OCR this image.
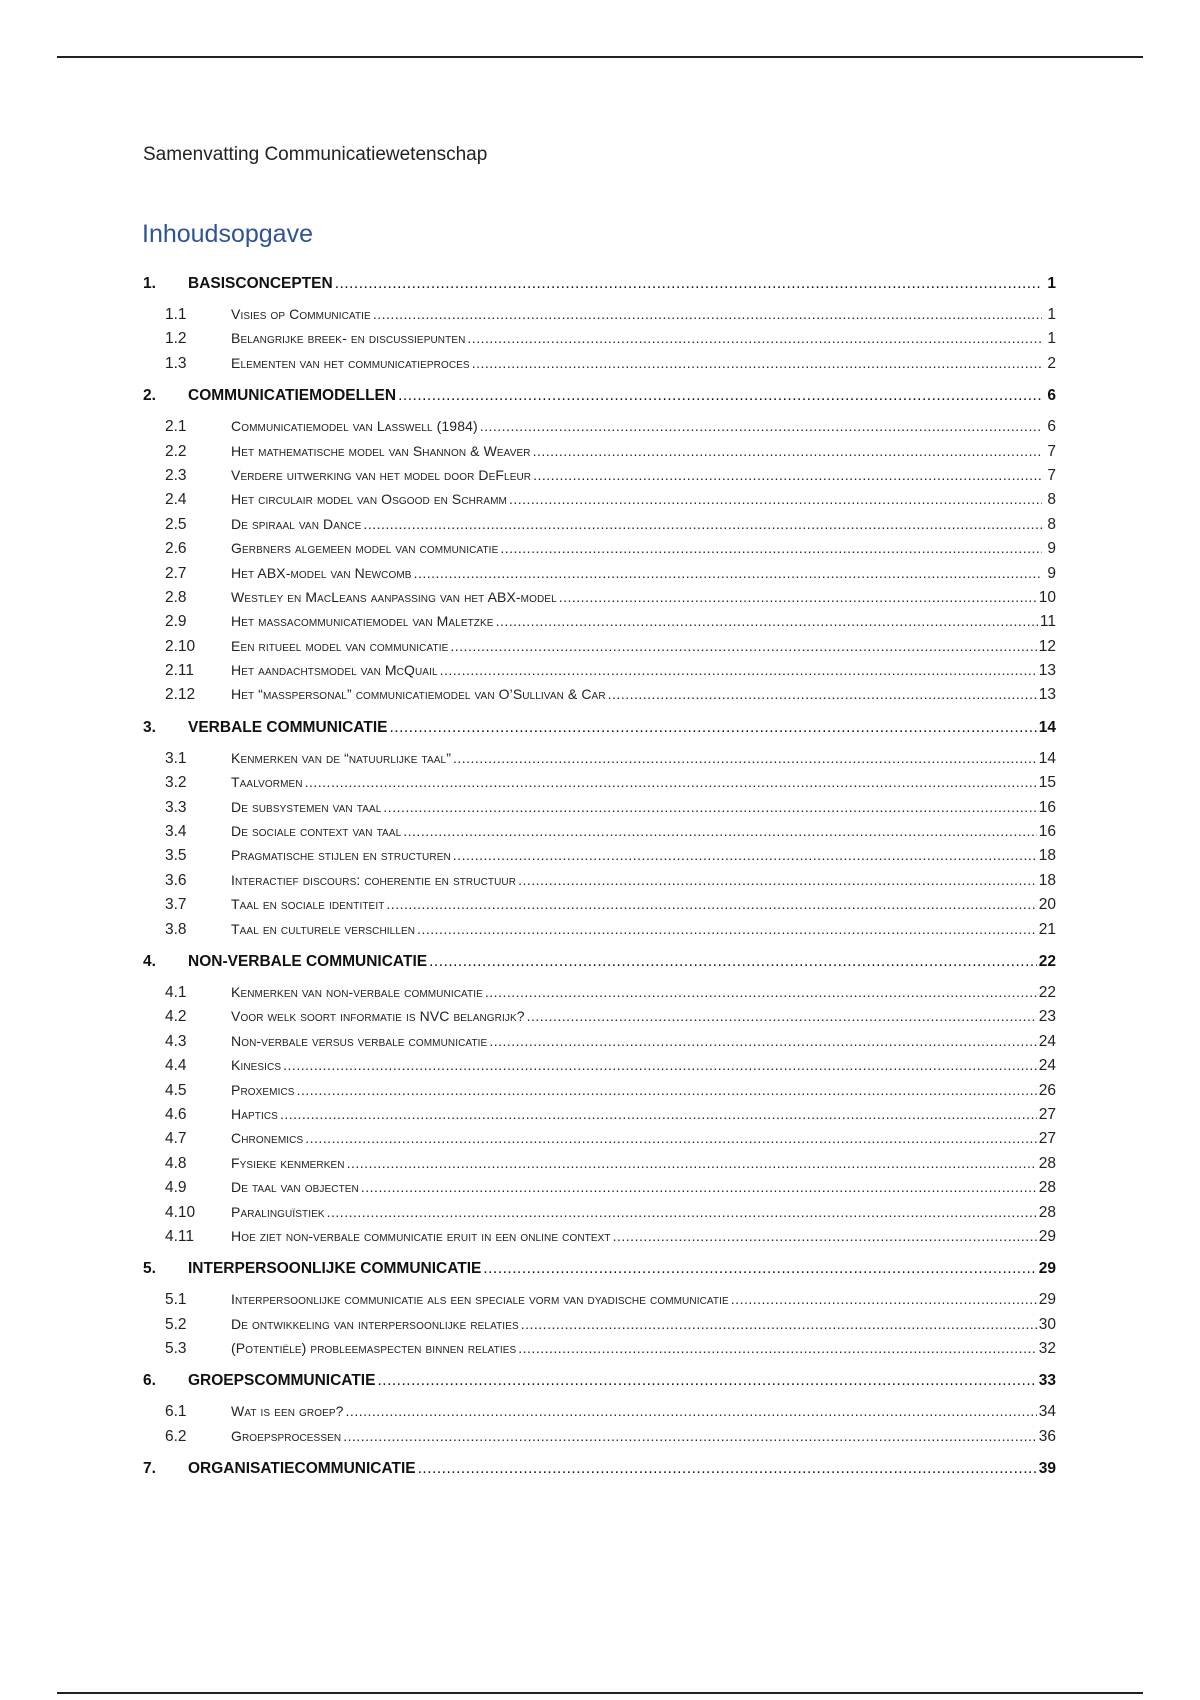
Samenvatting Communicatiewetenschap
Inhoudsopgave
1.	BASISCONCEPTEN .....	1
1.1	Visies op Communicatie .....	1
1.2	Belangrijke breek- en discussiepunten .....	1
1.3	Elementen van het communicatieproces .....	2
2.	COMMUNICATIEMODELLEN .....	6
2.1	Communicatiemodel van Lasswell (1984) .....	6
2.2	Het mathematische model van Shannon & Weaver .....	7
2.3	Verdere uitwerking van het model door DeFleur .....	7
2.4	Het circulair model van Osgood en Schramm .....	8
2.5	De spiraal van Dance .....	8
2.6	Gerbners algemeen model van communicatie .....	9
2.7	Het ABX-model van Newcomb .....	9
2.8	Westley en MacLeans aanpassing van het ABX-model .....	10
2.9	Het massacommunicatiemodel van Maletzke .....	11
2.10	Een ritueel model van communicatie .....	12
2.11	Het aandachtsmodel van McQuail .....	13
2.12	Het “masspersonal” communicatiemodel van O’Sullivan & Car .....	13
3.	VERBALE COMMUNICATIE .....	14
3.1	Kenmerken van de “natuurlijke taal” .....	14
3.2	Taalvormen .....	15
3.3	De subsystemen van taal .....	16
3.4	De sociale context van taal .....	16
3.5	Pragmatische stijlen en structuren .....	18
3.6	Interactief discours: coherentie en structuur .....	18
3.7	Taal en sociale identiteit .....	20
3.8	Taal en culturele verschillen .....	21
4.	NON-VERBALE COMMUNICATIE .....	22
4.1	Kenmerken van non-verbale communicatie .....	22
4.2	Voor welk soort informatie is NVC belangrijk? .....	23
4.3	Non-verbale versus verbale communicatie .....	24
4.4	Kinesics .....	24
4.5	Proxemics .....	26
4.6	Haptics .....	27
4.7	Chronemics .....	27
4.8	Fysieke kenmerken .....	28
4.9	De taal van objecten .....	28
4.10	Paralinguïstiek .....	28
4.11	Hoe ziet non-verbale communicatie eruit in een online context .....	29
5.	INTERPERSOONLIJKE COMMUNICATIE .....	29
5.1	Interpersoonlijke communicatie als een speciale vorm van dyadische communicatie .....	29
5.2	De ontwikkeling van interpersoonlijke relaties .....	30
5.3	(Potentiële) probleemaspecten binnen relaties .....	32
6.	GROEPSCOMMUNICATIE .....	33
6.1	Wat is een groep? .....	34
6.2	Groepsprocessen .....	36
7.	ORGANISATIECOMMUNICATIE .....	39
